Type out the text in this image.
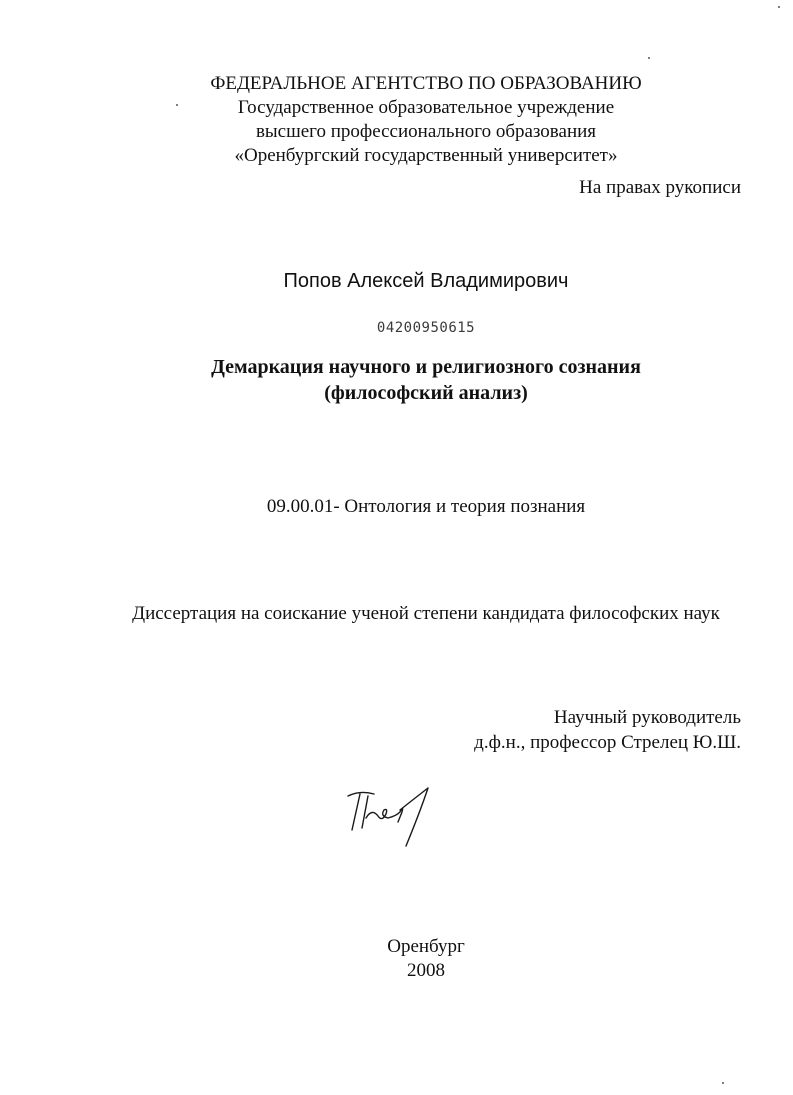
ФЕДЕРАЛЬНОЕ АГЕНТСТВО ПО ОБРАЗОВАНИЮ
Государственное образовательное учреждение
высшего профессионального образования
«Оренбургский государственный университет»
На правах рукописи
Попов Алексей Владимирович
04200950615
Демаркация научного и религиозного сознания
(философский анализ)
09.00.01- Онтология и теория познания
Диссертация на соискание ученой степени кандидата философских наук
Научный руководитель
д.ф.н., профессор Стрелец Ю.Ш.
Оренбург
2008
